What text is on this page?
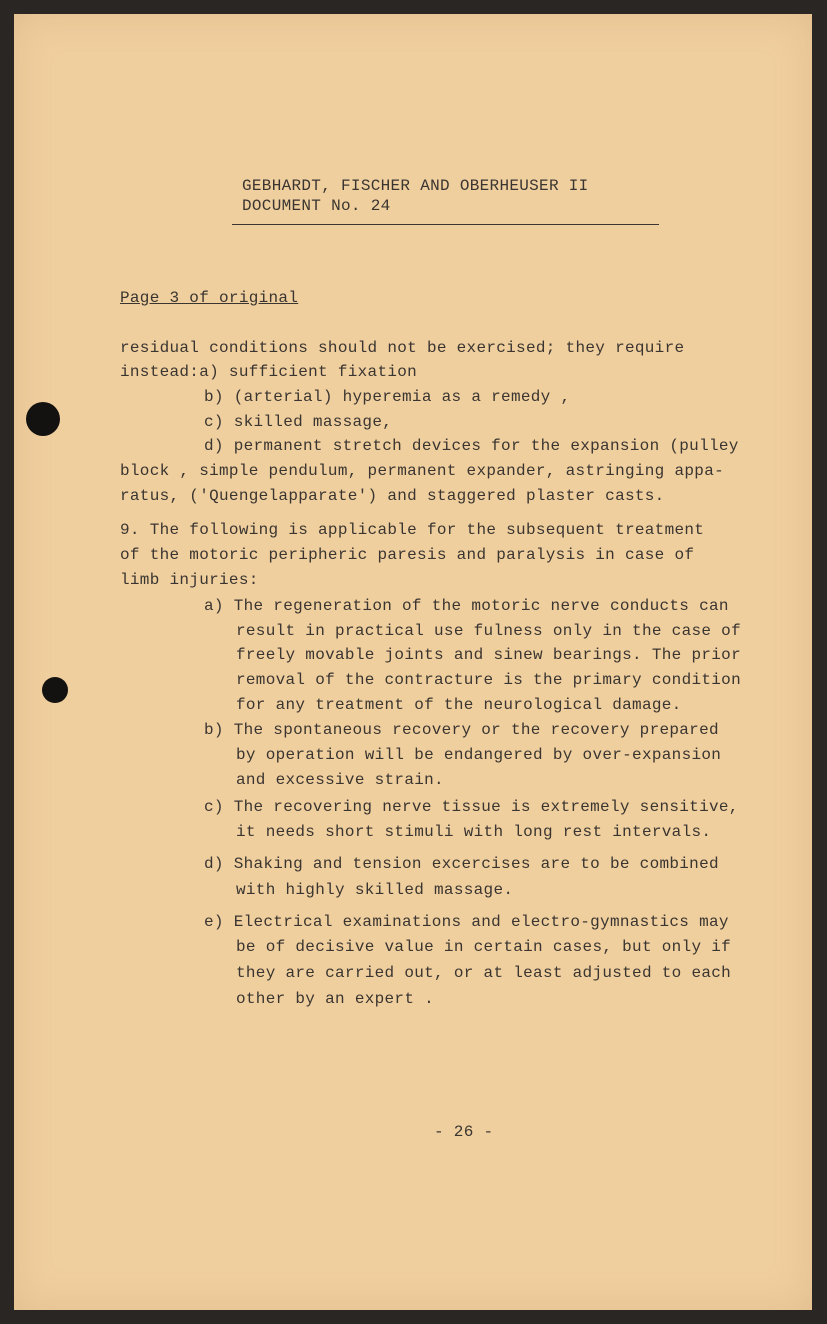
GEBHARDT, FISCHER AND OBERHEUSER II
DOCUMENT No. 24
Page 3 of original
residual conditions should not be exercised; they require
instead:a) sufficient fixation
b) (arterial) hyperemia as a remedy ,
c) skilled massage,
d) permanent stretch devices for the expansion (pulley
block , simple pendulum, permanent expander, astringing appa-
ratus, ('Quengelapparate') and staggered plaster casts.
9. The following is applicable for the subsequent treatment
of the motoric peripheric paresis and paralysis in case of
limb injuries:
a) The regeneration of the motoric nerve conducts can
result in practical use fulness only in the case of
freely movable joints and sinew bearings. The prior
removal of the contracture is the primary condition
for any treatment of the neurological damage.
b) The spontaneous recovery or the recovery prepared
by operation will be endangered by over-expansion
and excessive strain.
c) The recovering nerve tissue is extremely sensitive,
it needs short stimuli with long rest intervals.
d) Shaking and tension excercises are to be combined
with highly skilled massage.
e) Electrical examinations and electro-gymnastics may
be of decisive value in certain cases, but only if
they are carried out, or at least adjusted to each
other by an expert .
- 26 -
